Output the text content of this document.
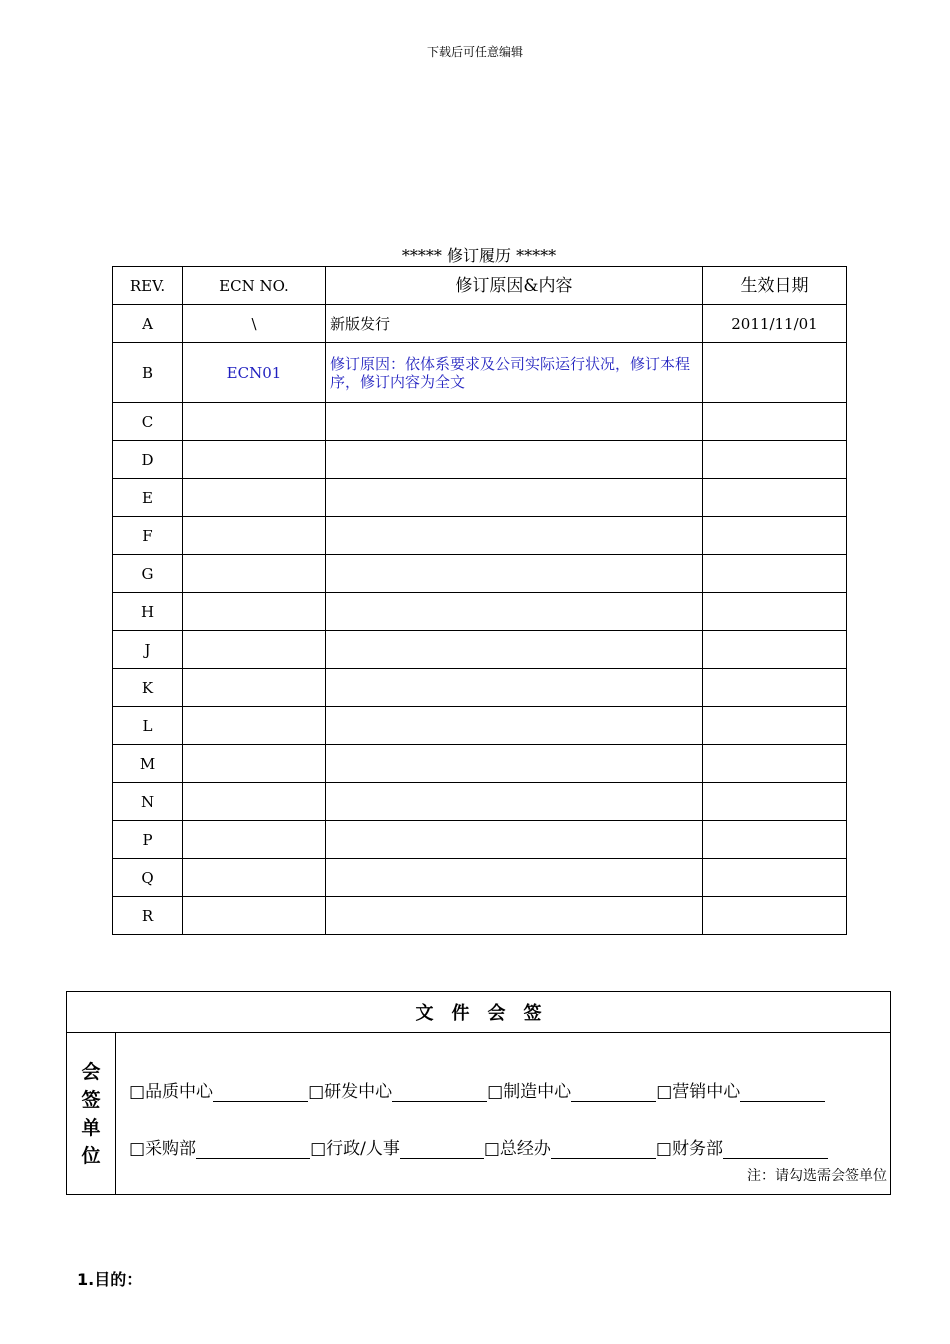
下载后可任意编辑
***** 修订履历 *****
REV.	ECN NO.	修订原因&内容	生效日期
A	\	新版发行	2011/11/01
B	ECN01	修订原因：依体系要求及公司实际运行状况，修订本程序，修订内容为全文	
C			
D			
E			
F			
G			
H			
J			
K			
L			
M			
N			
P			
Q			
R			
文件会签
会
签
单
位
□ 品质中心	□ 研发中心	□ 制造中心	□ 营销中心
□ 采购部	□ 行政/人事	□ 总经办	□ 财务部
注：请勾选需会签单位
1.目的：
